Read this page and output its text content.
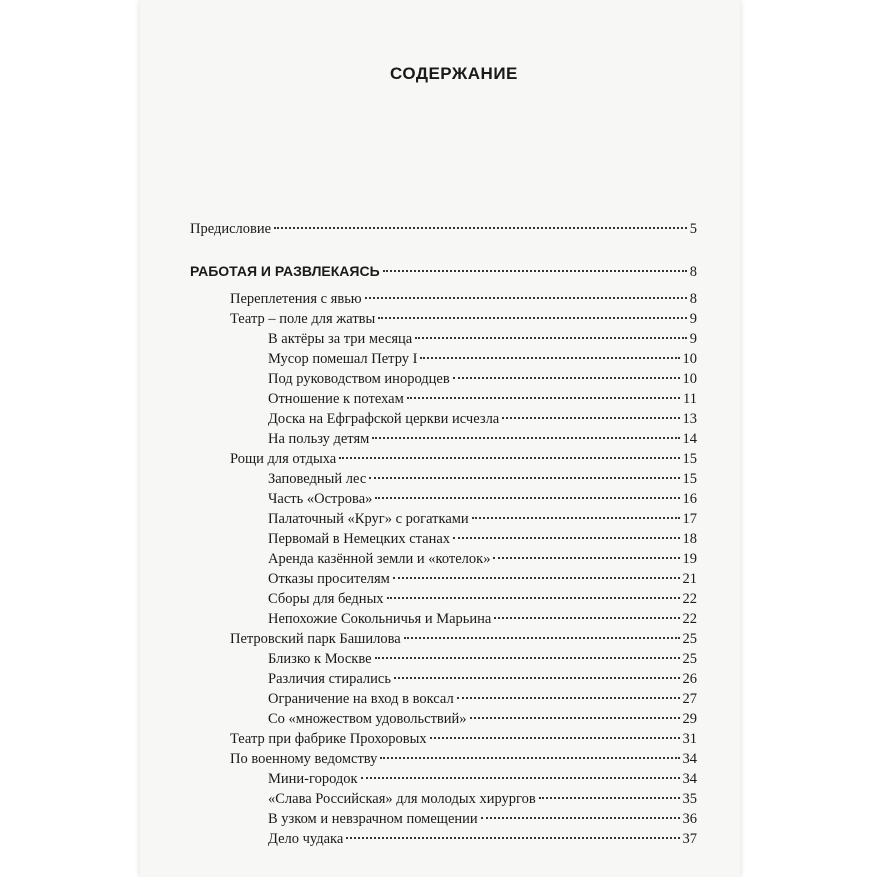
СОДЕРЖАНИЕ
Предисловие	5
РАБОТАЯ И РАЗВЛЕКАЯСЬ	8
Переплетения с явью	8
Театр – поле для жатвы	9
В актёры за три месяца	9
Мусор помешал Петру I	10
Под руководством инородцев	10
Отношение к потехам	11
Доска на Ефграфской церкви исчезла	13
На пользу детям	14
Рощи для отдыха	15
Заповедный лес	15
Часть «Острова»	16
Палаточный «Круг» с рогатками	17
Первомай в Немецких станах	18
Аренда казённой земли и «котелок»	19
Отказы просителям	21
Сборы для бедных	22
Непохожие Сокольничья и Марьина	22
Петровский парк Башилова	25
Близко к Москве	25
Различия стирались	26
Ограничение на вход в воксал	27
Со «множеством удовольствий»	29
Театр при фабрике Прохоровых	31
По военному ведомству	34
Мини-городок	34
«Слава Российская» для молодых хирургов	35
В узком и невзрачном помещении	36
Дело чудака	37
